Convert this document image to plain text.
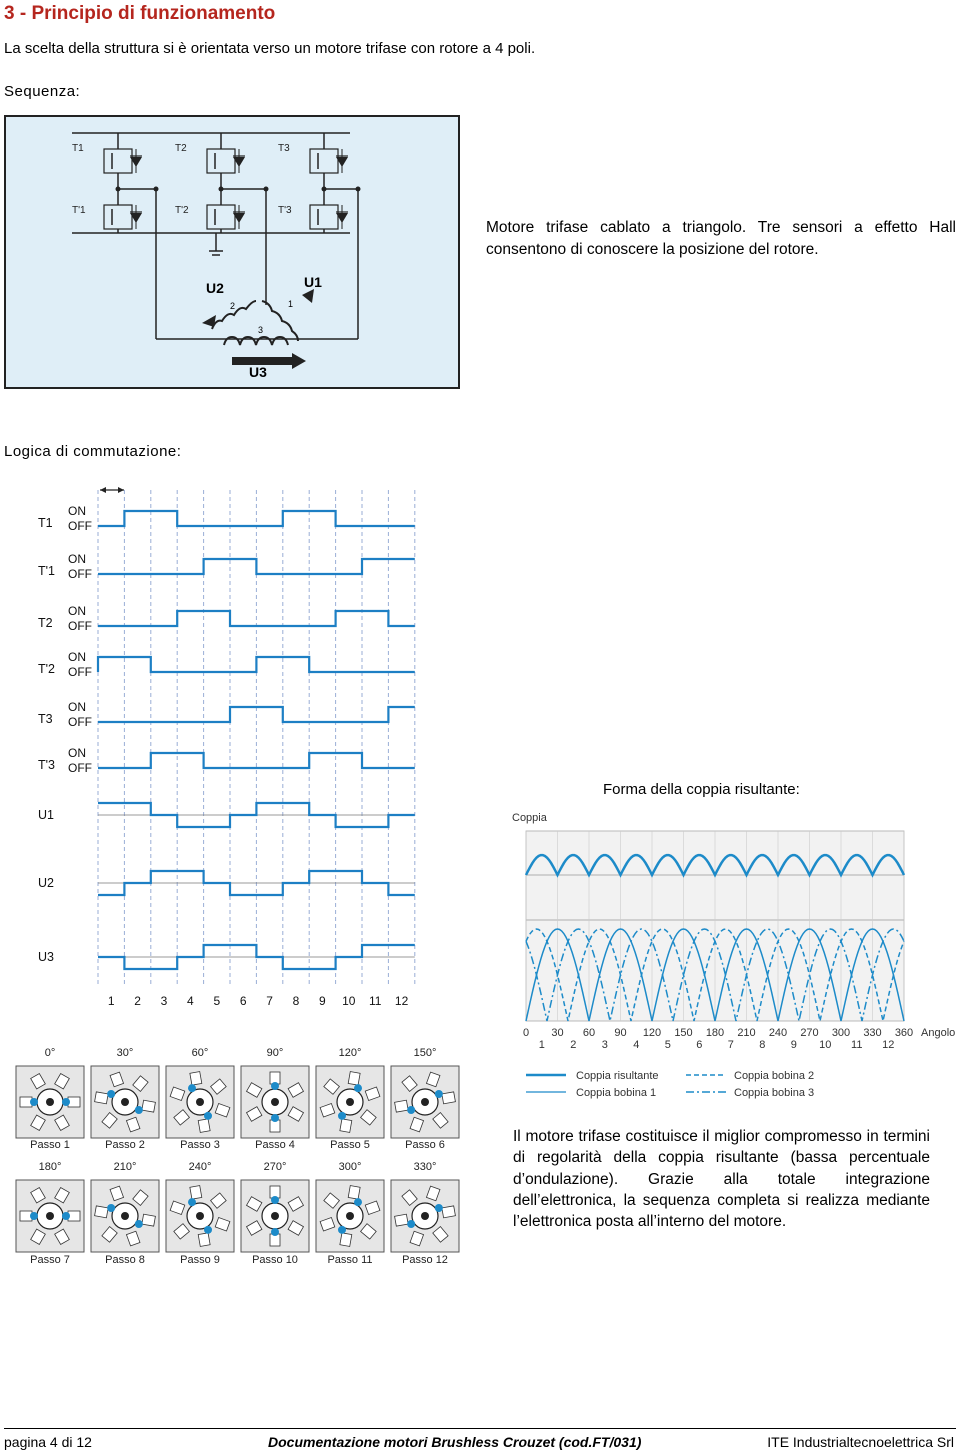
3 - Principio di funzionamento
La scelta della struttura si è orientata verso un motore trifase con rotore a 4 poli.
Sequenza:
T1
T'1
T2
T'2
T3
T'3
U2	U1
U3
2	1
3
Motore trifase cablato a triangolo. Tre sensori a effetto Hall consentono di conoscere la posizione del rotore.
Logica di commutazione:
T1
ON
OFF
T'1
ON
OFF
T2
ON
OFF
T'2
ON
OFF
T3
ON
OFF
T'3
ON
OFF
U1
U2
U3
1 2 3 4 5 6 7 8 9 10 11 12
Forma della coppia risultante:
Coppia
0 30 60 90 120 150 180 210 240 270 300 330 360
1 2 3 4 5 6 7 8 9 10 11 12
Angolo
Coppia risultante	Coppia bobina 2
Coppia bobina 1	Coppia bobina 3
0°
Passo 1
30°
Passo 2
60°
Passo 3
90°
Passo 4
120°
Passo 5
150°
Passo 6
180°
Passo 7
210°
Passo 8
240°
Passo 9
270°
Passo 10
300°
Passo 11
330°
Passo 12
Il motore trifase costituisce il miglior compromesso in termini di regolarità della coppia risultante (bassa percentuale d’ondulazione). Grazie alla totale integrazione dell’elettronica, la sequenza completa si realizza mediante l’elettronica posta all’interno del motore.
pagina 4 di 12	Documentazione motori Brushless Crouzet (cod.FT/031)	ITE Industrialtecnoelettrica Srl
